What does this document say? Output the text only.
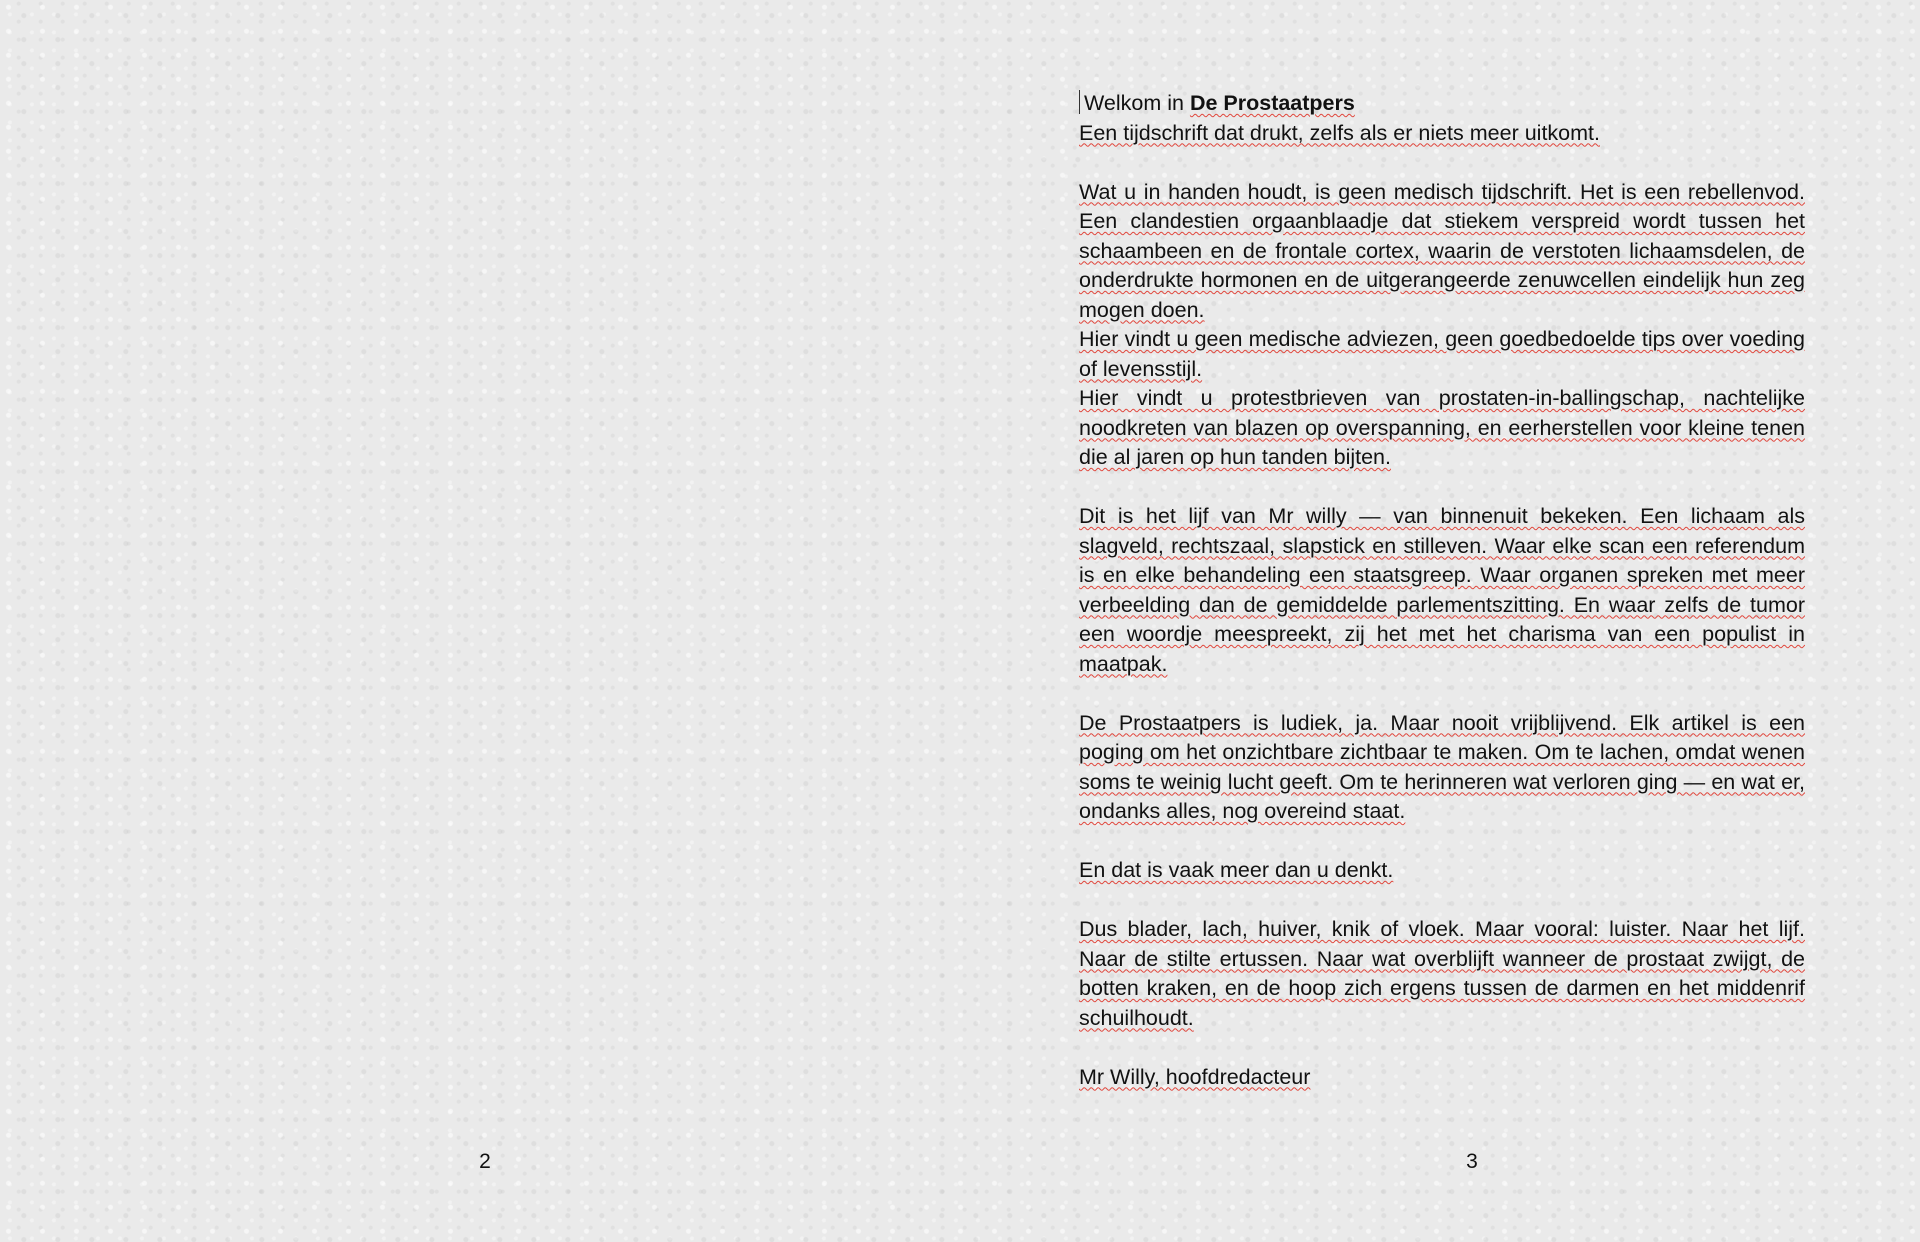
2

Welkom in De Prostaatpers

Een tijdschrift dat drukt, zelfs als er niets meer uitkomt.

Wat u in handen houdt, is geen medisch tijdschrift. Het is een rebellenvod. Een clandestien orgaanblaadje dat stiekem verspreid wordt tussen het schaambeen en de frontale cortex, waarin de verstoten lichaamsdelen, de onderdrukte hormonen en de uitgerangeerde zenuwcellen eindelijk hun zeg mogen doen.

Hier vindt u geen medische adviezen, geen goedbedoelde tips over voeding of levensstijl.

Hier vindt u protestbrieven van prostaten-in-ballingschap, nachtelijke noodkreten van blazen op overspanning, en eerherstellen voor kleine tenen die al jaren op hun tanden bijten.

Dit is het lijf van Mr willy — van binnenuit bekeken. Een lichaam als slagveld, rechtszaal, slapstick en stilleven. Waar elke scan een referendum is en elke behandeling een staatsgreep. Waar organen spreken met meer verbeelding dan de gemiddelde parlementszitting. En waar zelfs de tumor een woordje meespreekt, zij het met het charisma van een populist in maatpak.

De Prostaatpers is ludiek, ja. Maar nooit vrijblijvend. Elk artikel is een poging om het onzichtbare zichtbaar te maken. Om te lachen, omdat wenen soms te weinig lucht geeft. Om te herinneren wat verloren ging — en wat er, ondanks alles, nog overeind staat.

En dat is vaak meer dan u denkt.

Dus blader, lach, huiver, knik of vloek. Maar vooral: luister. Naar het lijf. Naar de stilte ertussen. Naar wat overblijft wanneer de prostaat zwijgt, de botten kraken, en de hoop zich ergens tussen de darmen en het middenrif schuilhoudt.

Mr Willy, hoofdredacteur

3
